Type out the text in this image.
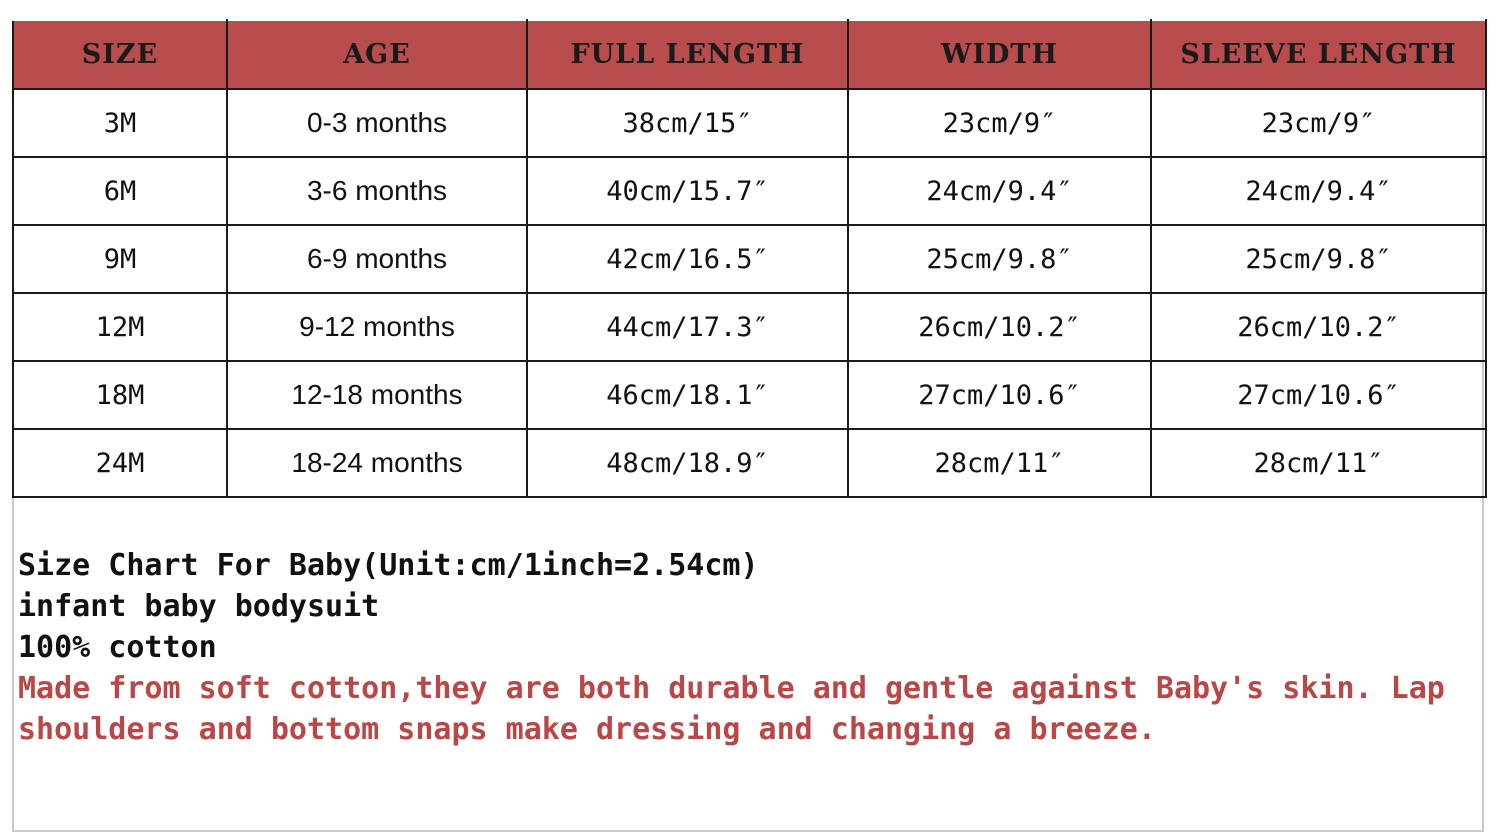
SIZE	AGE	FULL LENGTH	WIDTH	SLEEVE LENGTH
3M	0-3 months	38cm/15″	23cm/9″	23cm/9″
6M	3-6 months	40cm/15.7″	24cm/9.4″	24cm/9.4″
9M	6-9 months	42cm/16.5″	25cm/9.8″	25cm/9.8″
12M	9-12 months	44cm/17.3″	26cm/10.2″	26cm/10.2″
18M	12-18 months	46cm/18.1″	27cm/10.6″	27cm/10.6″
24M	18-24 months	48cm/18.9″	28cm/11″	28cm/11″
Size Chart For Baby(Unit:cm/1inch=2.54cm)
infant baby bodysuit
100% cotton
Made from soft cotton,they are both durable and gentle against Baby's skin. Lap shoulders and bottom snaps make dressing and changing a breeze.
